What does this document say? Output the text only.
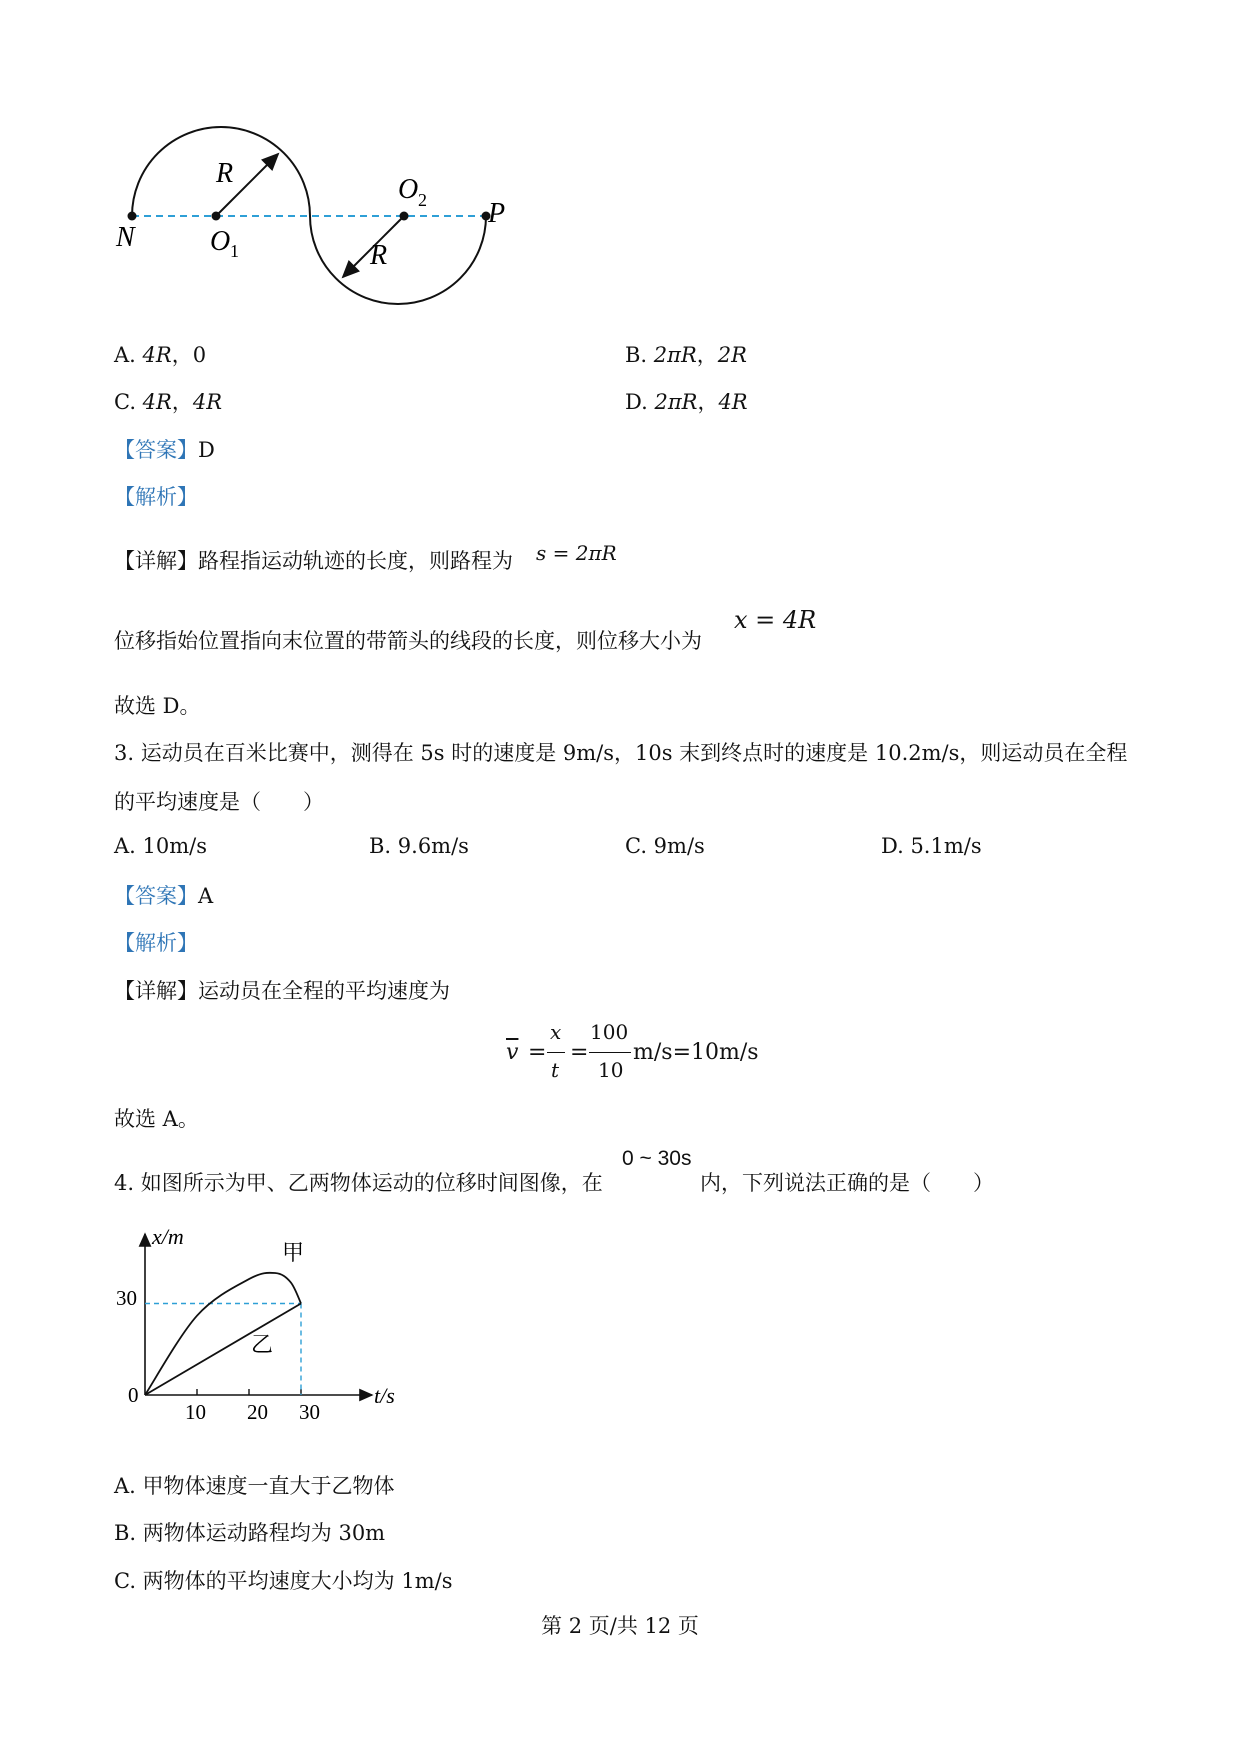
N	O 1
O 2 P
R
R
A. 4R，0	B. 2πR，2R
C. 4R，4R	D. 2πR，4R
【答案】D
【解析】
【详解】路程指运动轨迹的长度，则路程为 s = 2πR
位移指始位置指向末位置的带箭头的线段的长度，则位移大小为
x = 4R
故选 D。
3. 运动员在百米比赛中，测得在 5s 时的速度是 9m/s，10s 末到终点时的速度是 10.2m/s，则运动员在全程
的平均速度是（　　）
A. 10m/s	B. 9.6m/s	C. 9m/s	D. 5.1m/s
【答案】A
【解析】
【详解】运动员在全程的平均速度为
$\overline{v}$ =
x
t
=
100
10
m/s=10m/s
故选 A。
4. 如图所示为甲、乙两物体运动的位移时间图像，在
0 ~ 30s
内，下列说法正确的是（　　）
x/m
t/s
0
30
10 20 30
甲
乙
A. 甲物体速度一直大于乙物体
B. 两物体运动路程均为 30m
C. 两物体的平均速度大小均为 1m/s
第 2 页/共 12 页
